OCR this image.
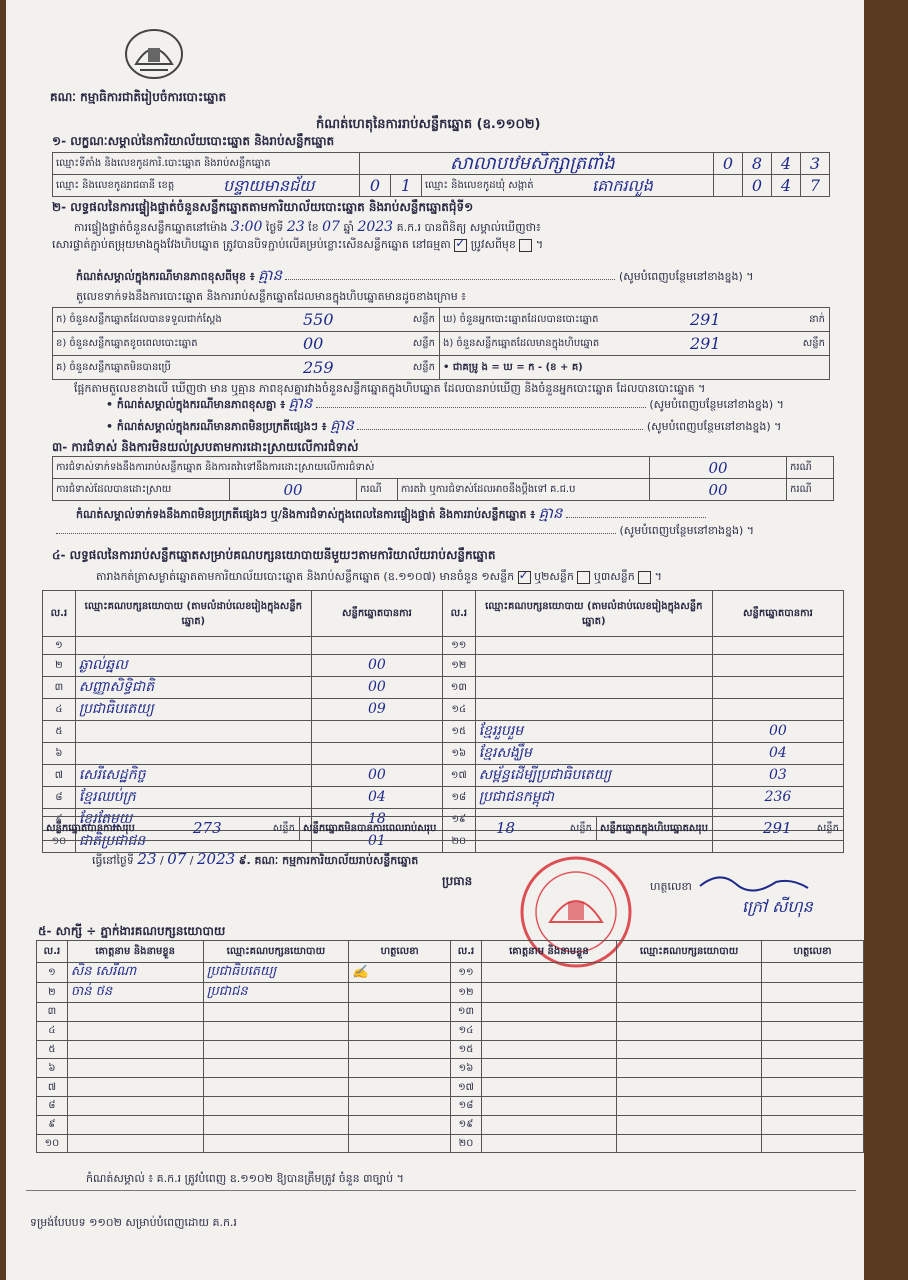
គណៈ កម្មាធិការជាតិរៀបចំការបោះឆ្នោត
កំណត់ហេតុនៃការរាប់សន្លឹកឆ្នោត (ឧ.១១០២)
១- លក្ខណៈសម្គាល់នៃការិយាល័យបោះឆ្នោត និងរាប់សន្លឹកឆ្នោត
ឈ្មោះទីតាំង និងលេខកូដការិ.បោះឆ្នោត និងរាប់សន្លឹកឆ្នោត	សាលាបឋមសិក្សាត្រពាំង			0	8	4	3
ឈ្មោះ និងលេខកូដរាជធានី ខេត្ត បន្ទាយមានជ័យ	0	1	ឈ្មោះ និងលេខកូដឃុំ សង្កាត់ គោករលួង		0	4	7
២- លទ្ធផលនៃការផ្ទៀងផ្ទាត់ចំនួនសន្លឹកឆ្នោតតាមការិយាល័យបោះឆ្នោត និងរាប់សន្លឹកឆ្នោតជុំទី១
ការផ្ទៀងផ្ទាត់ចំនួនសន្លឹកឆ្នោតនៅម៉ោង 3:00 ថ្ងៃទី 23 ខែ 07 ឆ្នាំ 2023 គ.ក.រ បានពិនិត្យ សម្គាល់ឃើញថា៖
សោរផ្ទាត់ភ្ជាប់តម្រុយមាងក្នុងវែងហិបឆ្នោត ត្រូវបានបិទភ្ជាប់លើគម្រប់ខ្លោះសើនសន្លឹកឆ្នោត នៅធម្មតា ✓ ប្រូវសពីមុខ  ។
កំណត់សម្គាល់ក្នុងករណីមានភាពខុសពីមុខ ៖ គ្មាន	(សូមបំពេញបន្ថែមនៅខាងខ្នង) ។
តួលេខទាក់ទងនឹងការបោះឆ្នោត និងការរាប់សន្លឹកឆ្នោតដែលមានក្នុងហិបឆ្នោតមានដូចខាងក្រោម ៖
ក) ចំនួនសន្លឹកឆ្នោតដែលបានទទួលជាក់ស្តែង 550 សន្លឹក	ឃ) ចំនួនអ្នកបោះឆ្នោតដែលបានបោះឆ្នោត 291 នាក់

ខ) ចំនួនសន្លឹកឆ្នោតខូចពេលបោះឆ្នោត 00 សន្លឹក	ង) ចំនួនសន្លឹកឆ្នោតដែលមានក្នុងហិបឆ្នោត 291 សន្លឹក

គ) ចំនួនសន្លឹកឆ្នោតមិនបានប្រើ 259 សន្លឹក	• ជាគម្រូ ង = ឃ = ក - (ខ + គ)
ផ្អែកតាមតួលេខខាងលើ ឃើញថា មាន ឬគ្មាន ភាពខុសគ្នារវាងចំនួនសន្លឹកឆ្នោតក្នុងហិបឆ្នោត ដែលបានរាប់ឃើញ និងចំនួនអ្នកបោះឆ្នោត ដែលបានបោះឆ្នោត ។
• កំណត់សម្គាល់ក្នុងករណីមានភាពខុសគ្នា ៖ គ្មាន	(សូមបំពេញបន្ថែមនៅខាងខ្នង) ។
• កំណត់សម្គាល់ក្នុងករណីមានភាពមិនប្រក្រតីផ្សេងៗ ៖ គ្មាន	(សូមបំពេញបន្ថែមនៅខាងខ្នង) ។
៣- ការជំទាស់ និងការមិនយល់ស្របតាមការដោះស្រាយលើការជំទាស់
ការជំទាស់ទាក់ទងនឹងការរាប់សន្លឹកឆ្នោត និងការតវ៉ាទៅនឹងការដោះស្រាយលើការជំទាស់				00	ករណី
ការជំទាស់ដែលបានដោះស្រាយ	00	ករណី	ការតវ៉ា ឬការជំទាស់ដែលអាចនឹងប្តឹងទៅ គ.ជ.ប	00	ករណី
កំណត់សម្គាល់ទាក់ទងនឹងភាពមិនប្រក្រតីផ្សេងៗ ឬ/និងការជំទាស់ក្នុងពេលនៃការផ្ទៀងផ្ទាត់ និងការរាប់សន្លឹកឆ្នោត ៖ គ្មាន
(សូមបំពេញបន្ថែមនៅខាងខ្នង) ។
៤- លទ្ធផលនៃការរាប់សន្លឹកឆ្នោតសម្រាប់គណបក្សនយោបាយនីមួយៗតាមការិយាល័យរាប់សន្លឹកឆ្នោត
តារាងកត់ត្រាសម្ងាត់ឆ្នោតតាមការិយាល័យបោះឆ្នោត និងរាប់សន្លឹកឆ្នោត (ឧ.១១០៧) មានចំនួន ១សន្លឹក ✓ ឬ២សន្លឹក ឬ៣សន្លឹក  ។
ល.រ	ឈ្មោះគណបក្សនយោបាយ (តាមលំដាប់លេខរៀងក្នុងសន្លឹកឆ្នោត)	សន្លឹកឆ្នោតបានការ	ល.រ	ឈ្មោះគណបក្សនយោបាយ (តាមលំដាប់លេខរៀងក្នុងសន្លឹកឆ្នោត)	សន្លឹកឆ្នោតបានការ
១			១១		
២	ឆ្ងាល់ឆ្នល	00	១២		
៣	សញ្ញាសិទ្ធិជាតិ	00	១៣		
៤	ប្រជាធិបតេយ្យ	09	១៤		
៥			១៥	ខ្មែររួបរួម	00
៦			១៦	ខ្មែរសង្ឃឹម	04
៧	សេរីសេដ្ឋកិច្ច	00	១៧	សម្ព័ន្ធដើម្បីប្រជាធិបតេយ្យ	03
៨	ខ្មែរឈប់ក្រ	04	១៨	ប្រជាជនកម្ពុជា	236
៩	ខ្មែរតែមួយ	18	១៩		
១០	ជាតិប្រជាជន	01	២០		
សន្លឹកឆ្នោតបានការសរុប	273	សន្លឹក	សន្លឹកឆ្នោតមិនបានការពេលរាប់សរុប	18	សន្លឹក	សន្លឹកឆ្នោតក្នុងហិបឆ្នោតសរុប	291	សន្លឹក
ធ្វើនៅថ្ងៃទី 23 / 07 / 2023 ៩. គណៈ កម្មការការិយាល័យរាប់សន្លឹកឆ្នោត
ប្រធាន	ហត្ថលេខា
ក្រៅ សីហុន
៥- សាក្សី ÷ ភ្នាក់ងារគណបក្សនយោបាយ
ល.រ	គោត្តនាម និងនាមខ្លួន	ឈ្មោះគណបក្សនយោបាយ	ហត្ថលេខា	ល.រ	គោត្តនាម និងនាមខ្លួន	ឈ្មោះគណបក្សនយោបាយ	ហត្ថលេខា
១	សិន សេរីណា	ប្រជាធិបតេយ្យ	✍	១១			
២	ចាន់ ថន	ប្រជាជន		១២			
៣				១៣			
៤				១៤			
៥				១៥			
៦				១៦			
៧				១៧			
៨				១៨			
៩				១៩			
១០				២០			
កំណត់សម្គាល់ ៖ គ.ក.រ ត្រូវបំពេញ ឧ.១១០២ ឱ្យបានត្រឹមត្រូវ ចំនួន ៣ច្បាប់ ។
ទម្រង់បែបបទ ១១០២ សម្រាប់បំពេញដោយ គ.ក.រ
